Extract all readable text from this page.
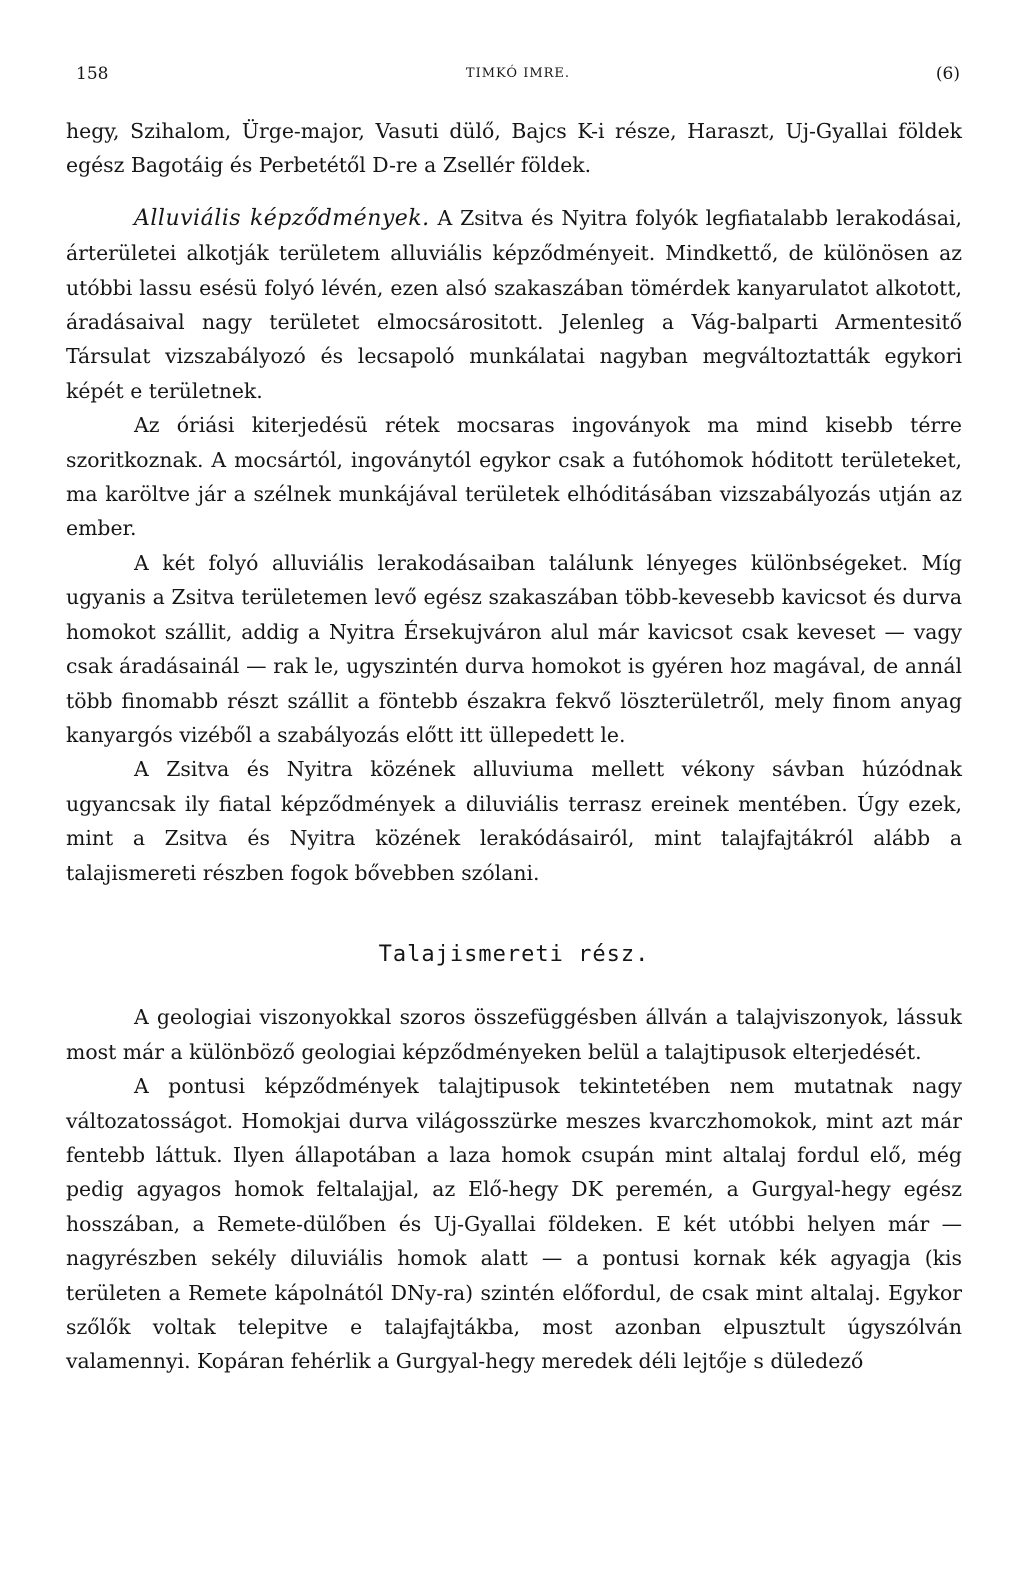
158	TIMKÓ IMRE.	(6)

hegy, Szihalom, Ürge-major, Vasuti dülő, Bajcs K-i része, Haraszt, Uj-Gyallai földek egész Bagotáig és Perbetétől D-re a Zsellér földek.

Alluviális képződmények. A Zsitva és Nyitra folyók legfiatalabb lerakodásai, árterületei alkotják területem alluviális képződményeit. Mindkettő, de különösen az utóbbi lassu esésü folyó lévén, ezen alsó szakaszában tömérdek kanyarulatot alkotott, áradásaival nagy területet elmocsárositott. Jelenleg a Vág-balparti Armentesitő Társulat vizszabályozó és lecsapoló munkálatai nagyban megváltoztatták egykori képét e területnek.

Az óriási kiterjedésü rétek mocsaras ingoványok ma mind kisebb térre szoritkoznak. A mocsártól, ingoványtól egykor csak a futóhomok hóditott területeket, ma karöltve jár a szélnek munkájával területek elhóditásában vizszabályozás utján az ember.

A két folyó alluviális lerakodásaiban találunk lényeges különbségeket. Míg ugyanis a Zsitva területemen levő egész szakaszában több-kevesebb kavicsot és durva homokot szállit, addig a Nyitra Érsekujváron alul már kavicsot csak keveset — vagy csak áradásainál — rak le, ugyszintén durva homokot is gyéren hoz magával, de annál több finomabb részt szállit a föntebb északra fekvő löszterületről, mely finom anyag kanyargós vizéből a szabályozás előtt itt üllepedett le.

A Zsitva és Nyitra közének alluviuma mellett vékony sávban húzódnak ugyancsak ily fiatal képződmények a diluviális terrasz ereinek mentében. Úgy ezek, mint a Zsitva és Nyitra közének lerakódásairól, mint talajfajtákról alább a talajismereti részben fogok bővebben szólani.

Talajismereti rész.

A geologiai viszonyokkal szoros összefüggésben állván a talajviszonyok, lássuk most már a különböző geologiai képződményeken belül a talajtipusok elterjedését.

A pontusi képződmények talajtipusok tekintetében nem mutatnak nagy változatosságot. Homokjai durva világosszürke meszes kvarczhomokok, mint azt már fentebb láttuk. Ilyen állapotában a laza homok csupán mint altalaj fordul elő, még pedig agyagos homok feltalajjal, az Elő-hegy DK peremén, a Gurgyal-hegy egész hosszában, a Remete-dülőben és Uj-Gyallai földeken. E két utóbbi helyen már — nagyrészben sekély diluviális homok alatt — a pontusi kornak kék agyagja (kis területen a Remete kápolnától DNy-ra) szintén előfordul, de csak mint altalaj. Egykor szőlők voltak telepitve e talajfajtákba, most azonban elpusztult úgyszólván valamennyi. Kopáran fehérlik a Gurgyal-hegy meredek déli lejtője s düledező
